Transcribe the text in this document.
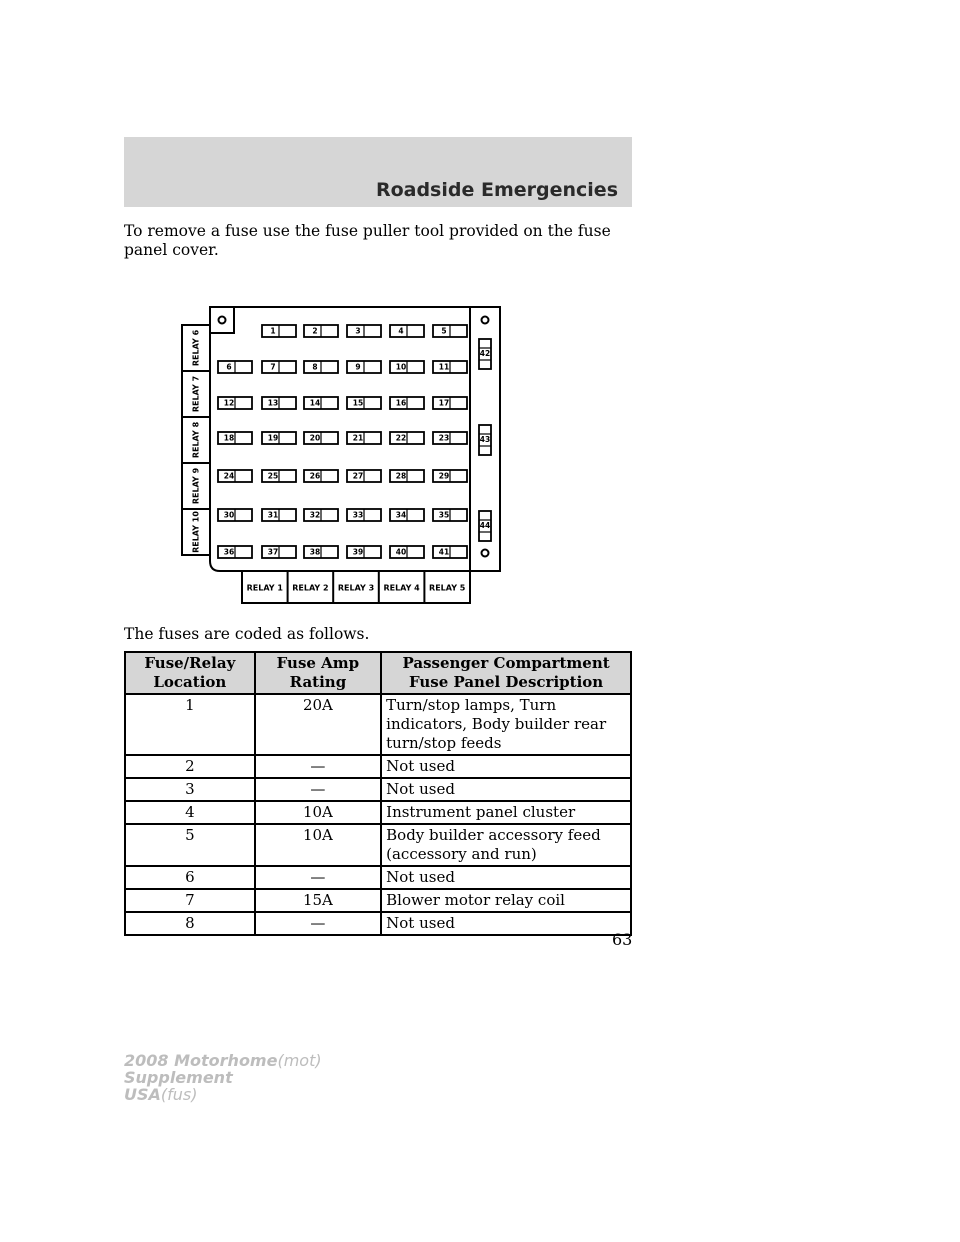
Roadside Emergencies
To remove a fuse use the fuse puller tool provided on the fuse panel cover.
RELAY 6
RELAY 7
RELAY 8
RELAY 9
RELAY 10
RELAY 1 RELAY 2 RELAY 3 RELAY 4 RELAY 5
1	2	3	4	5
6	7	8	9	10	11
12	13	14	15	16	17
18	19	20	21	22	23
24	25	26	27	28	29
30	31	32	33	34	35
36	37	38	39	40	41
42
43
44
The fuses are coded as follows.
Fuse/Relay Location	Fuse Amp Rating	Passenger Compartment Fuse Panel Description
1	20A	Turn/stop lamps, Turn indicators, Body builder rear turn/stop feeds
2	—	Not used
3	—	Not used
4	10A	Instrument panel cluster
5	10A	Body builder accessory feed (accessory and run)
6	—	Not used
7	15A	Blower motor relay coil
8	—	Not used
63
2008 Motorhome(mot)
Supplement
USA(fus)
